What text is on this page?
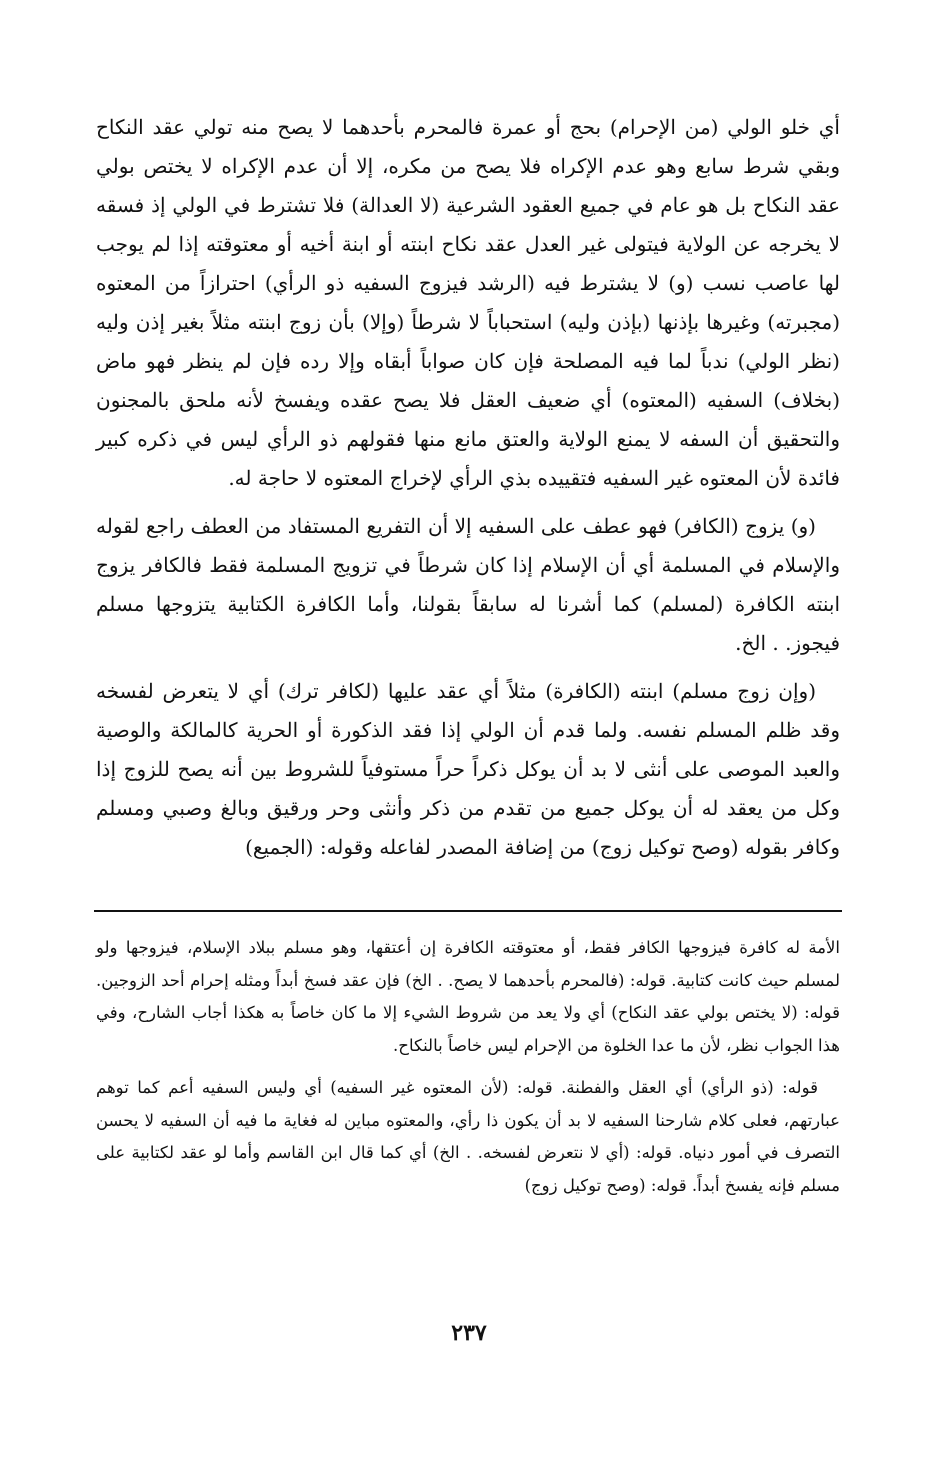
أي خلو الولي (من الإحرام) بحج أو عمرة فالمحرم بأحدهما لا يصح منه تولي عقد النكاح وبقي شرط سابع وهو عدم الإكراه فلا يصح من مكره، إلا أن عدم الإكراه لا يختص بولي عقد النكاح بل هو عام في جميع العقود الشرعية (لا العدالة) فلا تشترط في الولي إذ فسقه لا يخرجه عن الولاية فيتولى غير العدل عقد نكاح ابنته أو ابنة أخيه أو معتوقته إذا لم يوجب لها عاصب نسب (و) لا يشترط فيه (الرشد فيزوج السفيه ذو الرأي) احترازاً من المعتوه (مجبرته) وغيرها بإذنها (بإذن وليه) استحباباً لا شرطاً (وإلا) بأن زوج ابنته مثلاً بغير إذن وليه (نظر الولي) ندباً لما فيه المصلحة فإن كان صواباً أبقاه وإلا رده فإن لم ينظر فهو ماض (بخلاف) السفيه (المعتوه) أي ضعيف العقل فلا يصح عقده ويفسخ لأنه ملحق بالمجنون والتحقيق أن السفه لا يمنع الولاية والعتق مانع منها فقولهم ذو الرأي ليس في ذكره كبير فائدة لأن المعتوه غير السفيه فتقييده بذي الرأي لإخراج المعتوه لا حاجة له.

(و) يزوج (الكافر) فهو عطف على السفيه إلا أن التفريع المستفاد من العطف راجع لقوله والإسلام في المسلمة أي أن الإسلام إذا كان شرطاً في تزويج المسلمة فقط فالكافر يزوج ابنته الكافرة (لمسلم) كما أشرنا له سابقاً بقولنا، وأما الكافرة الكتابية يتزوجها مسلم فيجوز. . الخ.

(وإن زوج مسلم) ابنته (الكافرة) مثلاً أي عقد عليها (لكافر ترك) أي لا يتعرض لفسخه وقد ظلم المسلم نفسه. ولما قدم أن الولي إذا فقد الذكورة أو الحرية كالمالكة والوصية والعبد الموصى على أنثى لا بد أن يوكل ذكراً حراً مستوفياً للشروط بين أنه يصح للزوج إذا وكل من يعقد له أن يوكل جميع من تقدم من ذكر وأنثى وحر ورقيق وبالغ وصبي ومسلم وكافر بقوله (وصح توكيل زوج) من إضافة المصدر لفاعله وقوله: (الجميع)

الأمة له كافرة فيزوجها الكافر فقط، أو معتوقته الكافرة إن أعتقها، وهو مسلم ببلاد الإسلام، فيزوجها ولو لمسلم حيث كانت كتابية. قوله: (فالمحرم بأحدهما لا يصح. . الخ) فإن عقد فسخ أبداً ومثله إحرام أحد الزوجين. قوله: (لا يختص بولي عقد النكاح) أي ولا يعد من شروط الشيء إلا ما كان خاصاً به هكذا أجاب الشارح، وفي هذا الجواب نظر، لأن ما عدا الخلوة من الإحرام ليس خاصاً بالنكاح.

قوله: (ذو الرأي) أي العقل والفطنة. قوله: (لأن المعتوه غير السفيه) أي وليس السفيه أعم كما توهم عبارتهم، فعلى كلام شارحنا السفيه لا بد أن يكون ذا رأي، والمعتوه مباين له فغاية ما فيه أن السفيه لا يحسن التصرف في أمور دنياه. قوله: (أي لا نتعرض لفسخه. . الخ) أي كما قال ابن القاسم وأما لو عقد لكتابية على مسلم فإنه يفسخ أبداً. قوله: (وصح توكيل زوج)

٢٣٧
